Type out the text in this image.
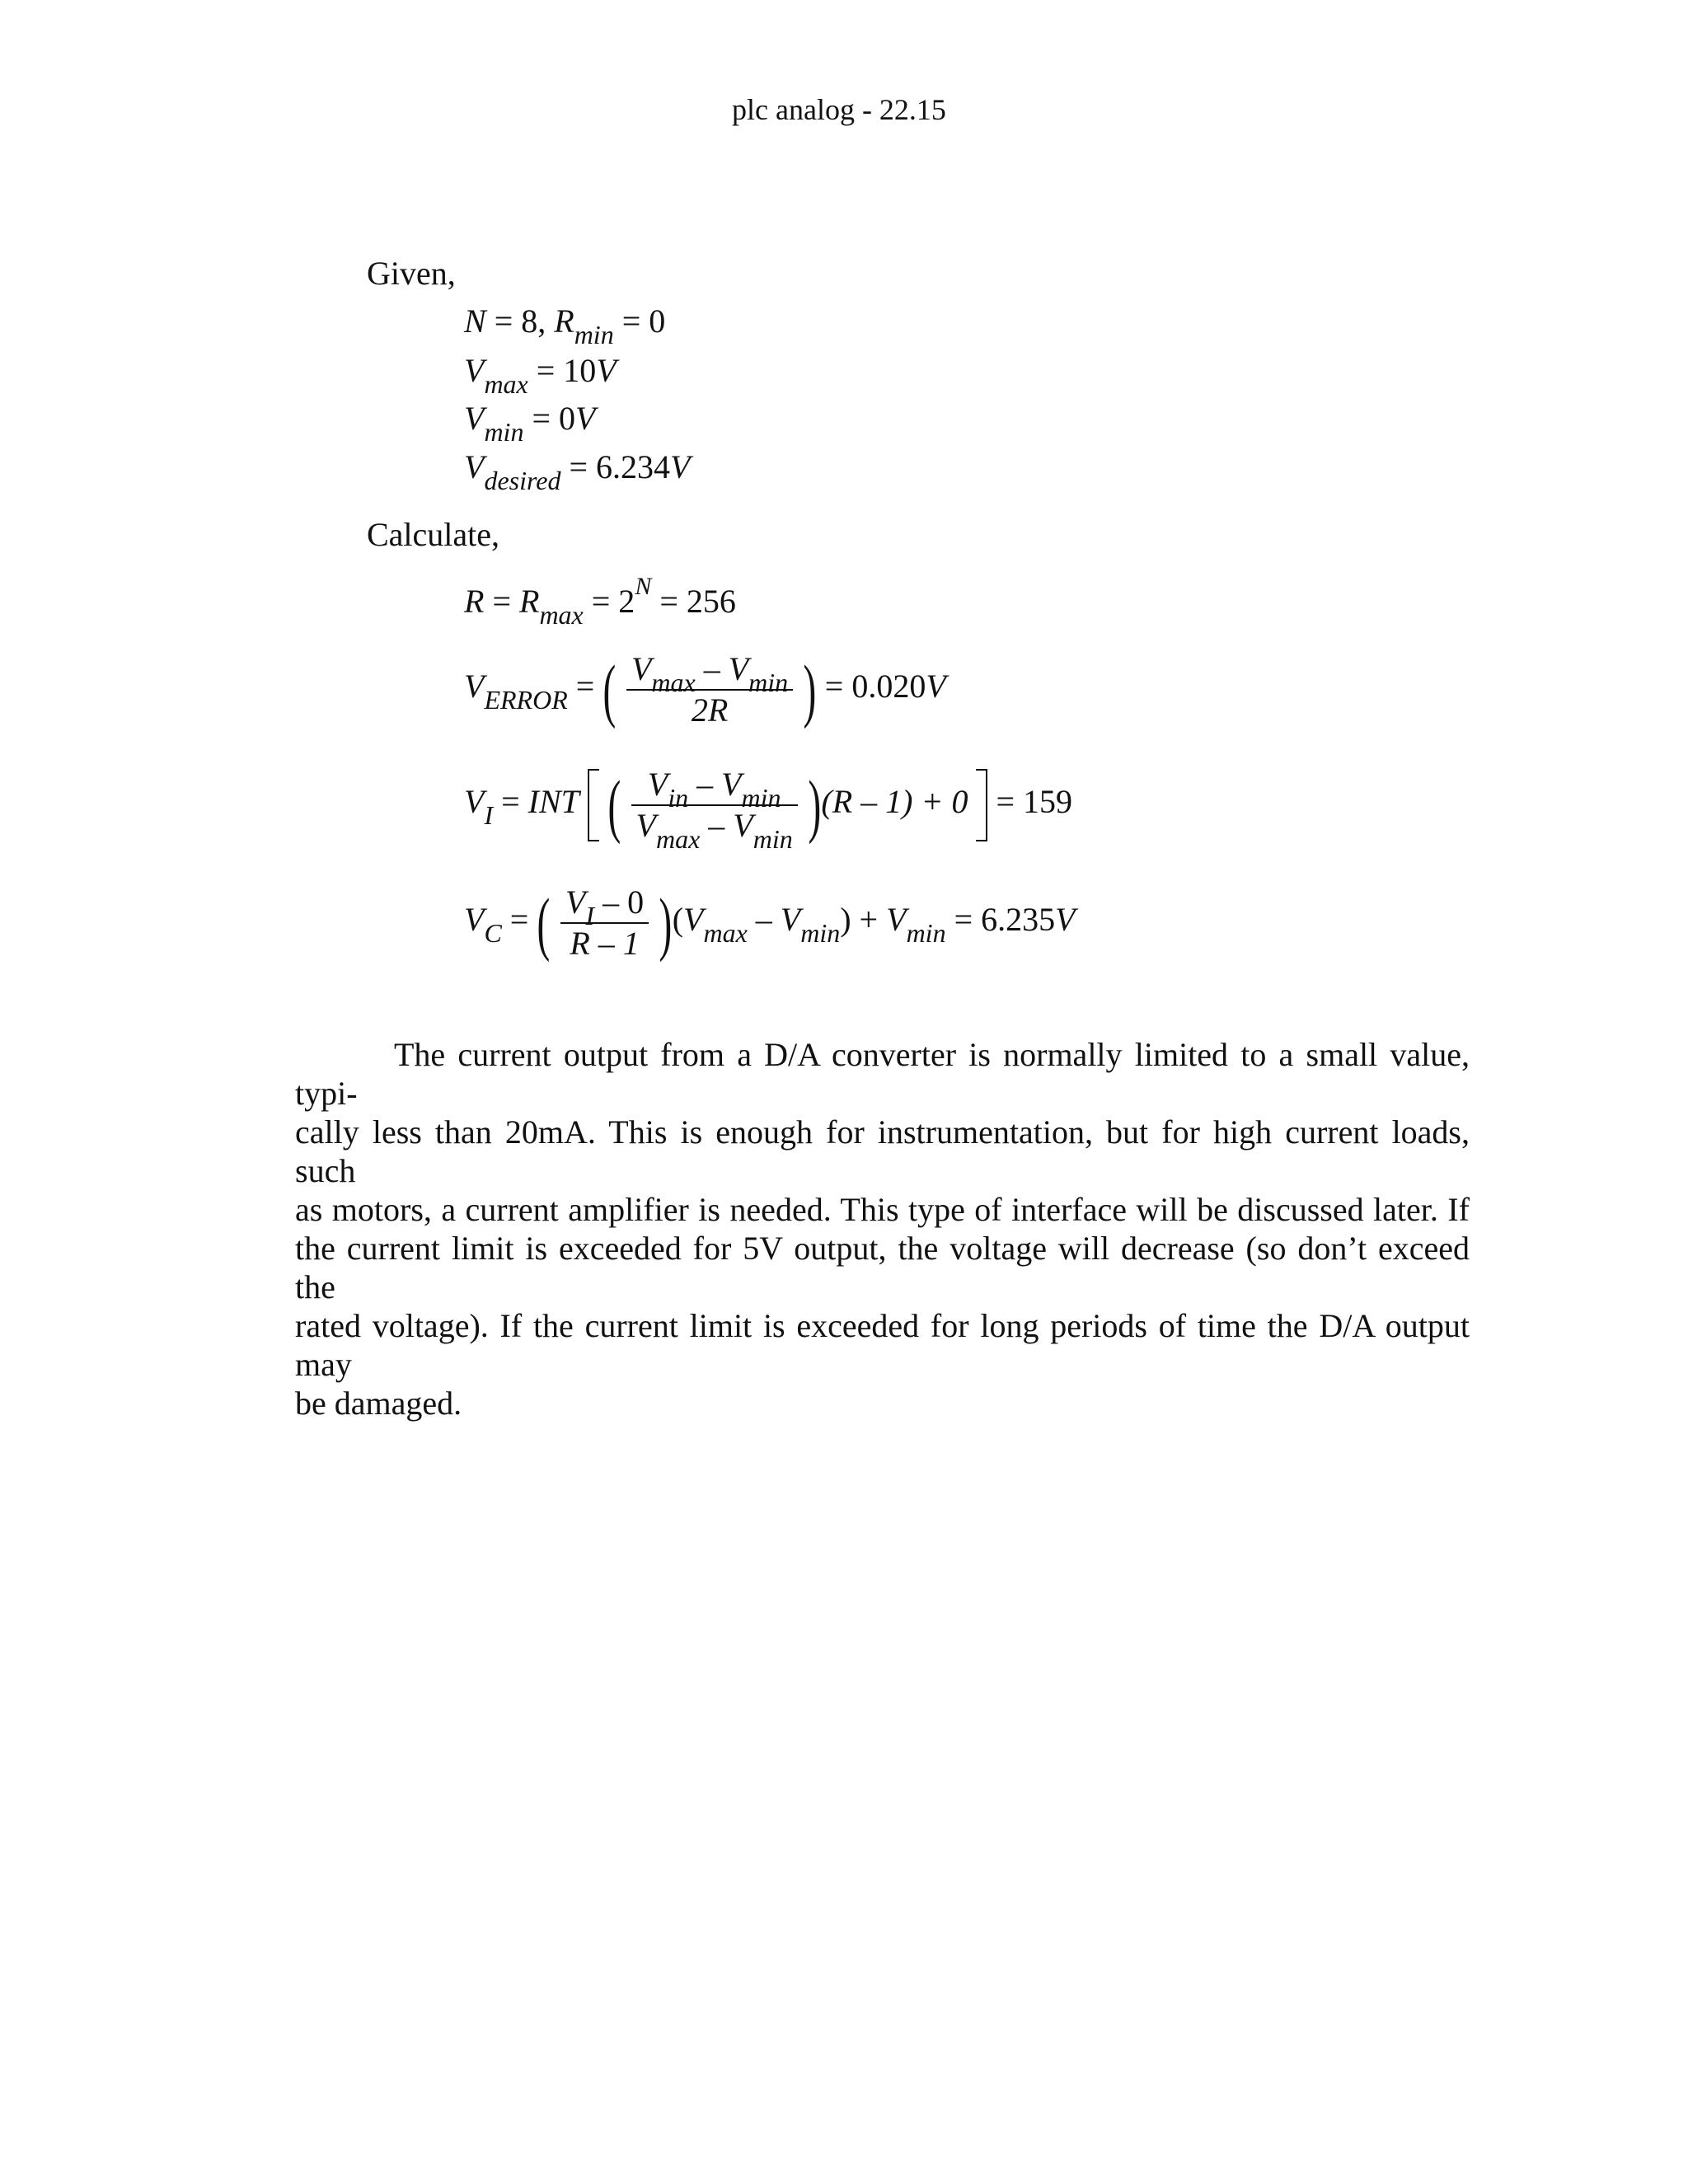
plc analog - 22.15
Given,
N = 8, $R_{min} = 0$
$V_{max} = 10V$
$V_{min} = 0V$
$V_{desired} = 6.234V$
Calculate,
$R = R_{max} = 2^N = 256$
$V_{ERROR}$ = ( $\frac{V_{max} - V_{min}}{2R}$ ) = 0.020V
$V_I$ = INT ( $\frac{V_{in} - V_{min}}{V_{max} - V_{min}} )(R - 1) + 0 = 159$
$V_C$ = ( $\frac{V_I - 0}{R - 1} )(V_{max} - V_{min}) + V_{min} = 6.235V$
The current output from a D/A converter is normally limited to a small value, typi-
cally less than 20mA. This is enough for instrumentation, but for high current loads, such
as motors, a current amplifier is needed. This type of interface will be discussed later. If
the current limit is exceeded for 5V output, the voltage will decrease (so don’t exceed the
rated voltage). If the current limit is exceeded for long periods of time the D/A output may
be damaged.
